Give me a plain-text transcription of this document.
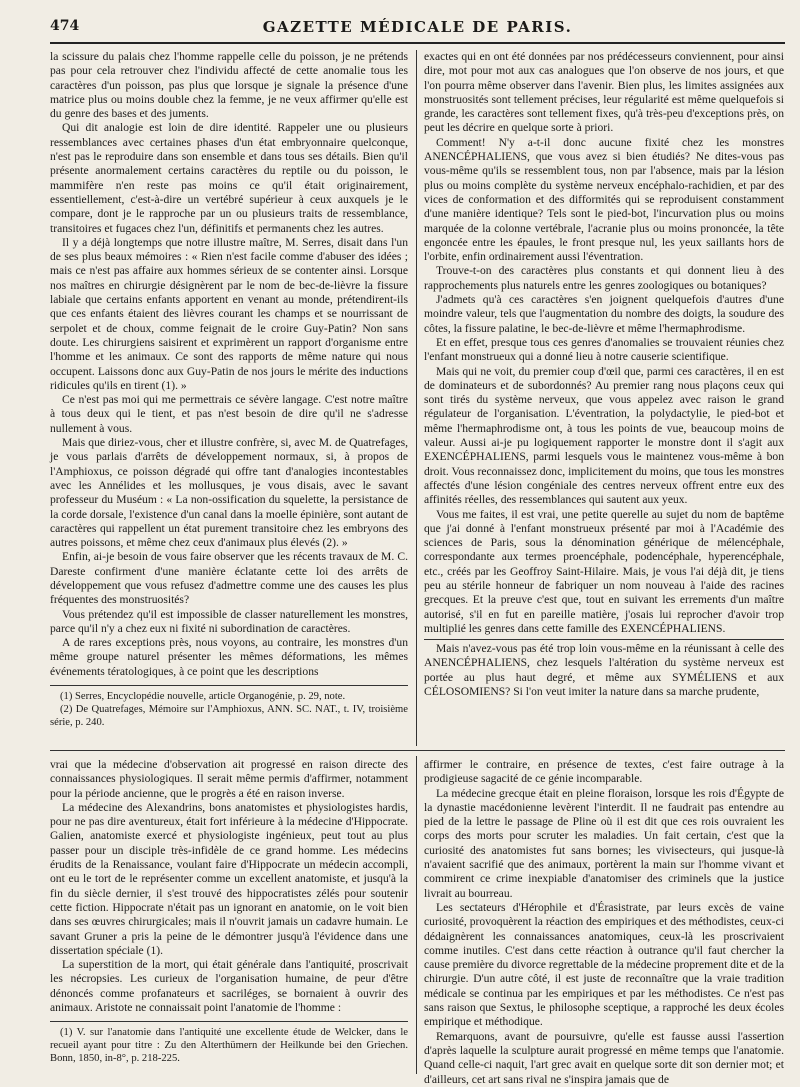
474	GAZETTE MÉDICALE DE PARIS.

la scissure du palais chez l'homme rappelle celle du poisson, je ne prétends pas pour cela retrouver chez l'individu affecté de cette anomalie tous les caractères d'un poisson, pas plus que lorsque je signale la présence d'une matrice plus ou moins double chez la femme, je ne veux affirmer qu'elle est du genre des bases et des juments.

Qui dit analogie est loin de dire identité. Rappeler une ou plusieurs ressemblances avec certaines phases d'un état embryonnaire quelconque, n'est pas le reproduire dans son ensemble et dans tous ses détails. Bien qu'il présente anormalement certains caractères du reptile ou du poisson, le mammifère n'en reste pas moins ce qu'il était originairement, essentiellement, c'est-à-dire un vertébré supérieur à ceux auxquels je le compare, dont je le rapproche par un ou plusieurs traits de ressemblance, transitoires et fugaces chez l'un, définitifs et permanents chez les autres.

Il y a déjà longtemps que notre illustre maître, M. Serres, disait dans l'un de ses plus beaux mémoires : « Rien n'est facile comme d'abuser des idées ; mais ce n'est pas affaire aux hommes sérieux de se contenter ainsi. Lorsque nos maîtres en chirurgie désignèrent par le nom de bec-de-lièvre la fissure labiale que certains enfants apportent en venant au monde, prétendirent-ils que ces enfants étaient des lièvres courant les champs et se nourrissant de serpolet et de choux, comme feignait de le croire Guy-Patin? Non sans doute. Les chirurgiens saisirent et exprimèrent un rapport d'organisme entre l'homme et les animaux. Ce sont des rapports de même nature qui nous occupent. Laissons donc aux Guy-Patin de nos jours le mérite des inductions ridicules qu'ils en tirent (1). »

Ce n'est pas moi qui me permettrais ce sévère langage. C'est notre maître à tous deux qui le tient, et pas n'est besoin de dire qu'il ne s'adresse nullement à vous.

Mais que diriez-vous, cher et illustre confrère, si, avec M. de Quatrefages, je vous parlais d'arrêts de développement normaux, si, à propos de l'Amphioxus, ce poisson dégradé qui offre tant d'analogies incontestables avec les Annélides et les mollusques, je vous disais, avec le savant professeur du Muséum : « La non-ossification du squelette, la persistance de la corde dorsale, l'existence d'un canal dans la moelle épinière, sont autant de caractères qui rappellent un état purement transitoire chez les embryons des autres poissons, et même chez ceux d'animaux plus élevés (2). »

Enfin, ai-je besoin de vous faire observer que les récents travaux de M. C. Dareste confirment d'une manière éclatante cette loi des arrêts de développement que vous refusez d'admettre comme une des causes les plus fréquentes des monstruosités?

Vous prétendez qu'il est impossible de classer naturellement les monstres, parce qu'il n'y a chez eux ni fixité ni subordination de caractères.

A de rares exceptions près, nous voyons, au contraire, les monstres d'un même groupe naturel présenter les mêmes déformations, les mêmes événements tératologiques, à ce point que les descriptions

(1) Serres, Encyclopédie nouvelle, article Organogénie, p. 29, note.

(2) De Quatrefages, Mémoire sur l'Amphioxus, ANN. SC. NAT., t. IV, troisième série, p. 240.

exactes qui en ont été données par nos prédécesseurs conviennent, pour ainsi dire, mot pour mot aux cas analogues que l'on observe de nos jours, et que l'on pourra même observer dans l'avenir. Bien plus, les limites assignées aux monstruosités sont tellement précises, leur régularité est même quelquefois si grande, les caractères sont tellement fixes, qu'à très-peu d'exceptions près, on peut les décrire en quelque sorte à priori.

Comment! N'y a-t-il donc aucune fixité chez les monstres ANENCÉPHALIENS, que vous avez si bien étudiés? Ne dites-vous pas vous-même qu'ils se ressemblent tous, non par l'absence, mais par la lésion plus ou moins complète du système nerveux encéphalo-rachidien, et par des vices de conformation et des difformités qui se reproduisent constamment d'une manière identique? Tels sont le pied-bot, l'incurvation plus ou moins marquée de la colonne vertébrale, l'acranie plus ou moins prononcée, la tête engoncée entre les épaules, le front presque nul, les yeux saillants hors de l'orbite, enfin ordinairement aussi l'éventration.

Trouve-t-on des caractères plus constants et qui donnent lieu à des rapprochements plus naturels entre les genres zoologiques ou botaniques?

J'admets qu'à ces caractères s'en joignent quelquefois d'autres d'une moindre valeur, tels que l'augmentation du nombre des doigts, la soudure des côtes, la fissure palatine, le bec-de-lièvre et même l'hermaphrodisme.

Et en effet, presque tous ces genres d'anomalies se trouvaient réunies chez l'enfant monstrueux qui a donné lieu à notre causerie scientifique.

Mais qui ne voit, du premier coup d'œil que, parmi ces caractères, il en est de dominateurs et de subordonnés? Au premier rang nous plaçons ceux qui sont tirés du système nerveux, que vous appelez avec raison le grand régulateur de l'organisation. L'éventration, la polydactylie, le pied-bot et même l'hermaphrodisme ont, à tous les points de vue, beaucoup moins de valeur. Aussi ai-je pu logiquement rapporter le monstre dont il s'agit aux EXENCÉPHALIENS, parmi lesquels vous le maintenez vous-même à bon droit. Vous reconnaissez donc, implicitement du moins, que tous les monstres affectés d'une lésion congéniale des centres nerveux offrent entre eux des affinités réelles, des ressemblances qui sautent aux yeux.

Vous me faites, il est vrai, une petite querelle au sujet du nom de baptême que j'ai donné à l'enfant monstrueux présenté par moi à l'Académie des sciences de Paris, sous la dénomination générique de mélencéphale, correspondante aux termes proencéphale, podencéphale, hyperencéphale, etc., créés par les Geoffroy Saint-Hilaire. Mais, je vous l'ai déjà dit, je tiens peu au stérile honneur de fabriquer un nom nouveau à l'aide des racines grecques. Et la preuve c'est que, tout en suivant les errements d'un maître autorisé, s'il en fut en pareille matière, j'osais lui reprocher d'avoir trop multiplié les genres dans cette famille des EXENCÉPHALIENS.

Mais n'avez-vous pas été trop loin vous-même en la réunissant à celle des ANENCÉPHALIENS, chez lesquels l'altération du système nerveux est portée au plus haut degré, et même aux SYMÉLIENS et aux CÉLOSOMIENS? Si l'on veut imiter la nature dans sa marche prudente,

vrai que la médecine d'observation ait progressé en raison directe des connaissances physiologiques. Il serait même permis d'affirmer, notamment pour la période ancienne, que le progrès a été en raison inverse.

La médecine des Alexandrins, bons anatomistes et physiologistes hardis, pour ne pas dire aventureux, était fort inférieure à la médecine d'Hippocrate. Galien, anatomiste exercé et physiologiste ingénieux, peut tout au plus passer pour un disciple très-infidèle de ce grand homme. Les médecins érudits de la Renaissance, voulant faire d'Hippocrate un médecin accompli, ont eu le tort de le représenter comme un excellent anatomiste, et jusqu'à la fin du siècle dernier, il s'est trouvé des hippocratistes zélés pour soutenir cette fiction. Hippocrate n'était pas un ignorant en anatomie, on le voit bien dans ses œuvres chirurgicales; mais il n'ouvrit jamais un cadavre humain. Le savant Gruner a pris la peine de le démontrer jusqu'à l'évidence dans une dissertation spéciale (1).

La superstition de la mort, qui était générale dans l'antiquité, proscrivait les nécropsies. Les curieux de l'organisation humaine, de peur d'être dénoncés comme profanateurs et sacriléges, se bornaient à ouvrir des animaux. Aristote ne connaissait point l'anatomie de l'homme :

(1) V. sur l'anatomie dans l'antiquité une excellente étude de Welcker, dans le recueil ayant pour titre : Zu den Alterthümern der Heilkunde bei den Griechen. Bonn, 1850, in-8°, p. 218-225.

affirmer le contraire, en présence de textes, c'est faire outrage à la prodigieuse sagacité de ce génie incomparable.

La médecine grecque était en pleine floraison, lorsque les rois d'Égypte de la dynastie macédonienne levèrent l'interdit. Il ne faudrait pas entendre au pied de la lettre le passage de Pline où il est dit que ces rois ouvraient les corps des morts pour scruter les maladies. Un fait certain, c'est que la curiosité des anatomistes fut sans bornes; les vivisecteurs, qui jusque-là n'avaient sacrifié que des animaux, portèrent la main sur l'homme vivant et commirent ce crime inexpiable d'anatomiser des criminels que la justice livrait au bourreau.

Les sectateurs d'Hérophile et d'Érasistrate, par leurs excès de vaine curiosité, provoquèrent la réaction des empiriques et des méthodistes, ceux-ci dédaignèrent les connaissances anatomiques, ceux-là les proscrivaient comme inutiles. C'est dans cette réaction à outrance qu'il faut chercher la cause première du divorce regrettable de la médecine proprement dite et de la chirurgie. D'un autre côté, il est juste de reconnaître que la vraie tradition médicale se continua par les empiriques et par les méthodistes. Ce n'est pas sans raison que Sextus, le philosophe sceptique, a rapproché les deux écoles empirique et méthodique.

Remarquons, avant de poursuivre, qu'elle est fausse aussi l'assertion d'après laquelle la sculpture aurait progressé en même temps que l'anatomie. Quand celle-ci naquit, l'art grec avait en quelque sorte dit son dernier mot; et d'ailleurs, cet art sans rival ne s'inspira jamais que de
